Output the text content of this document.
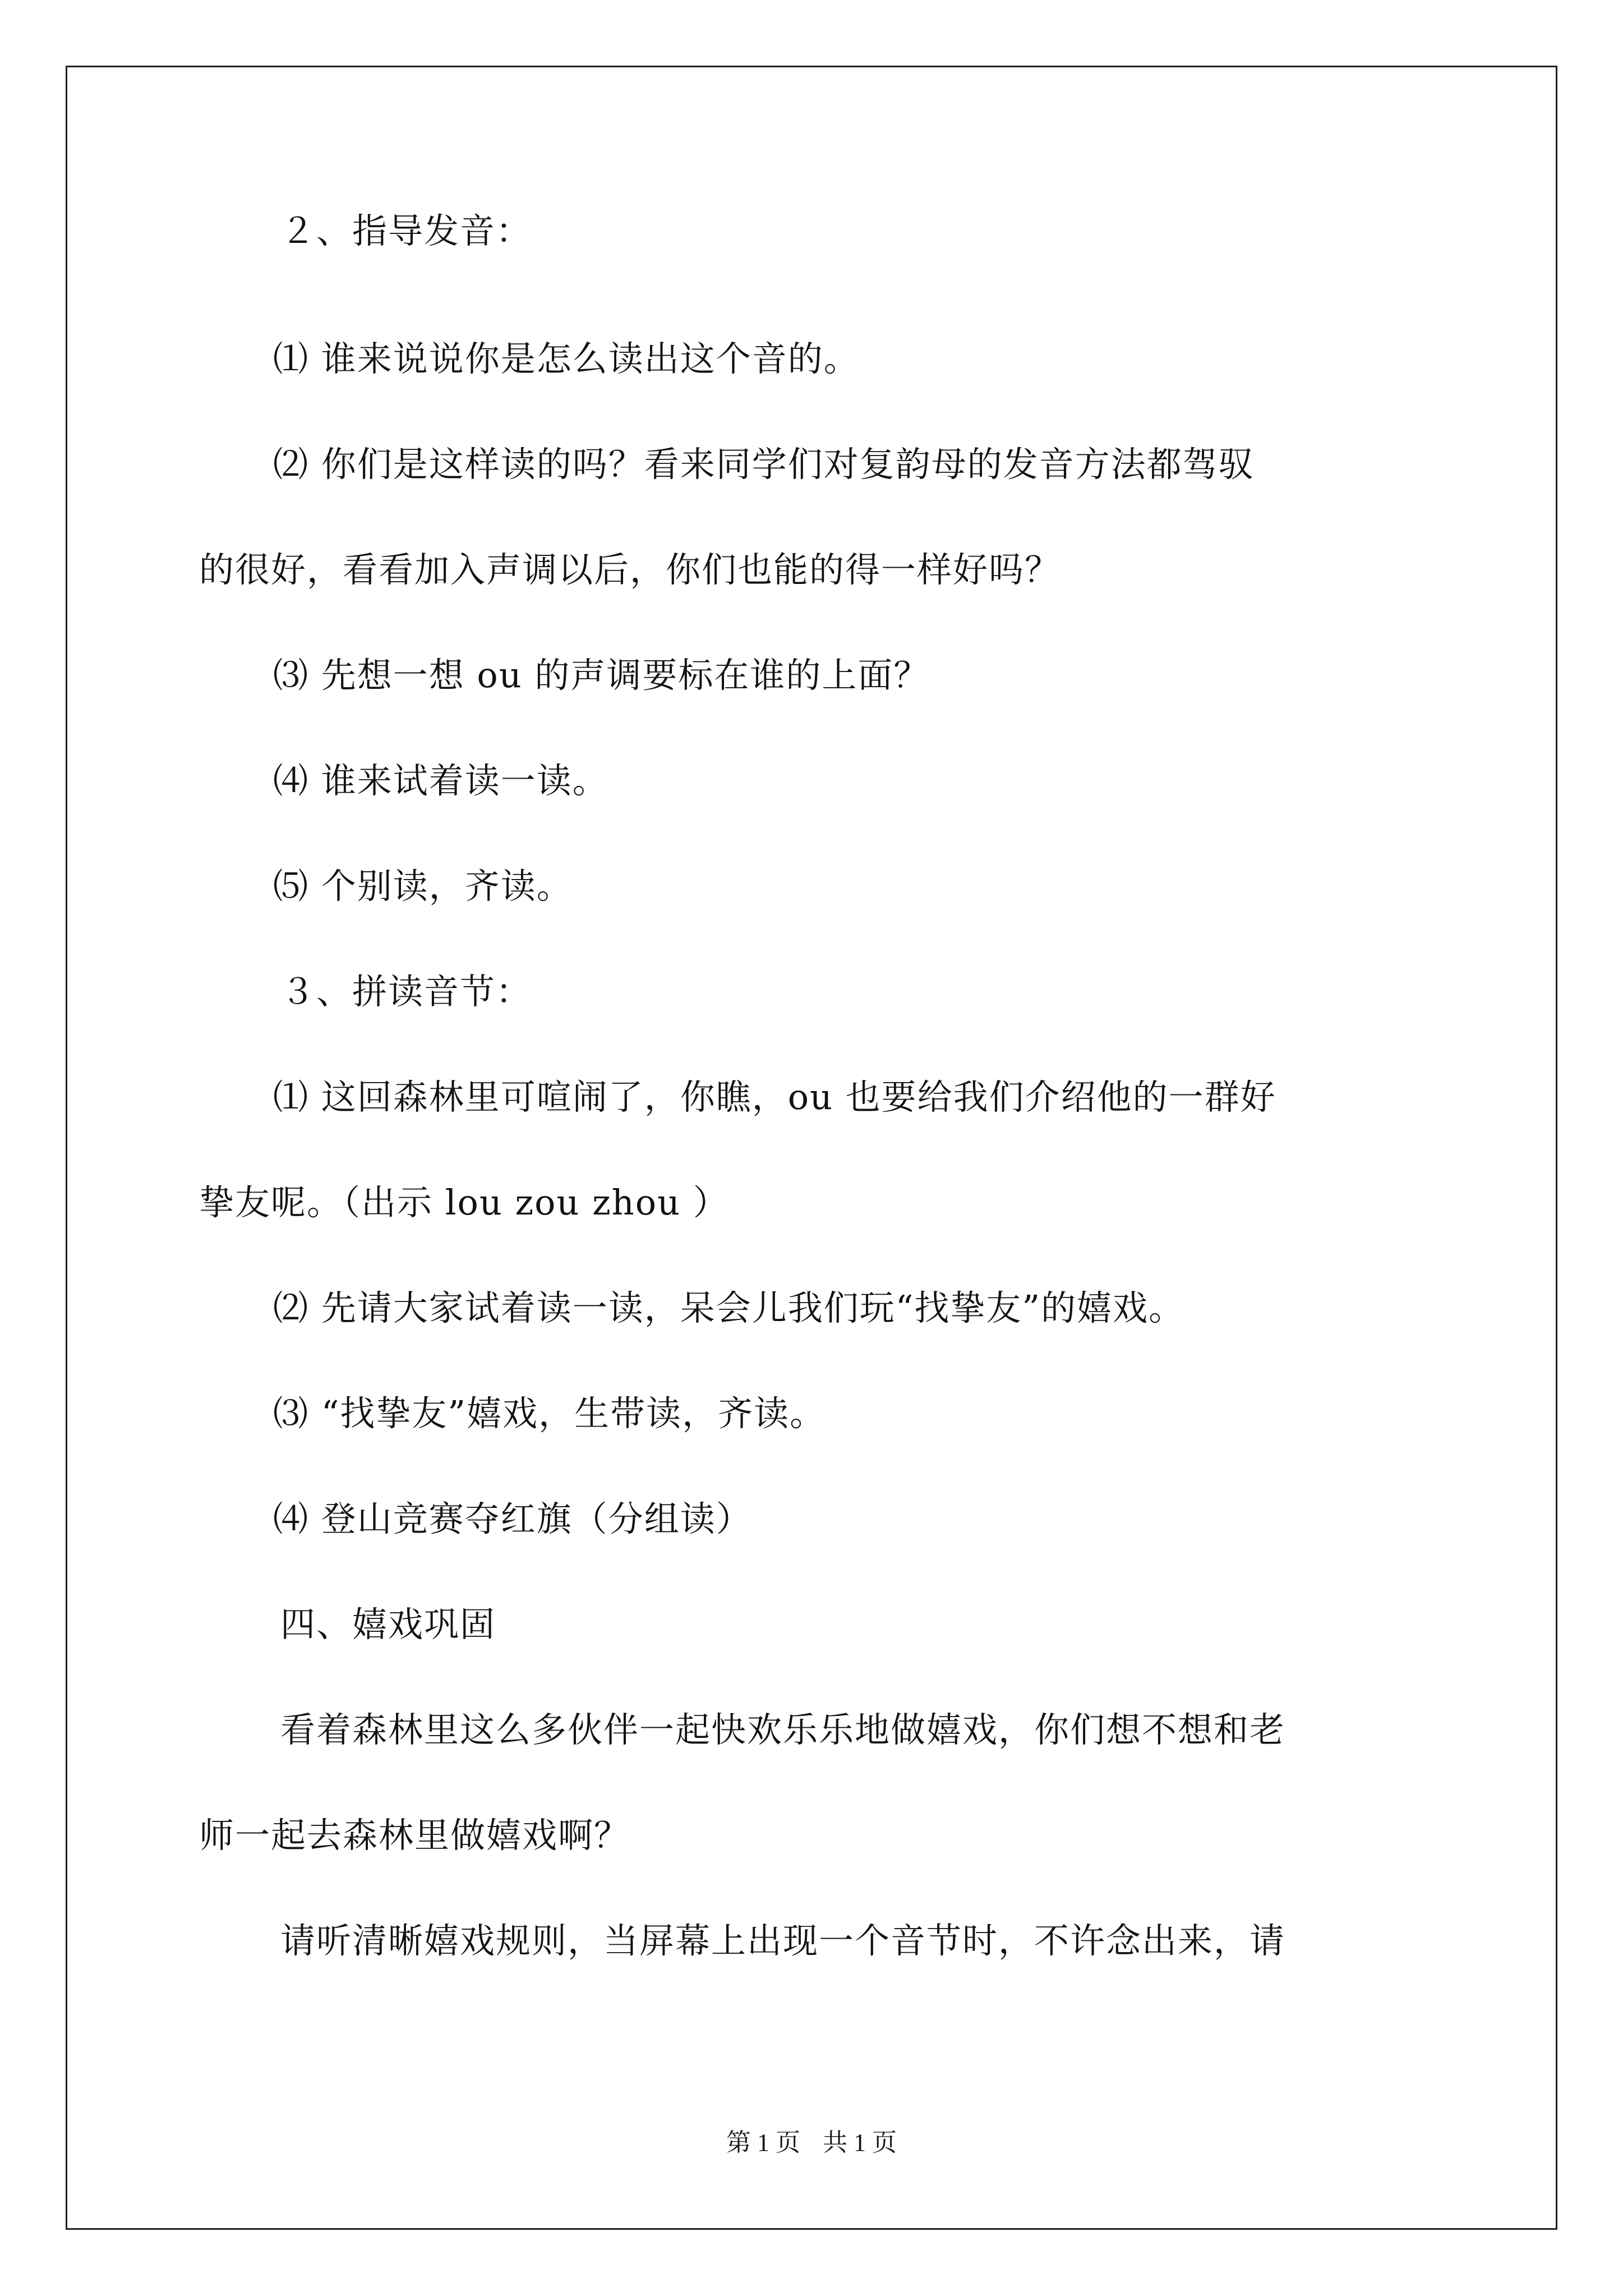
２、指导发音：
⑴ 谁来说说你是怎么读出这个音的。
⑵ 你们是这样读的吗？看来同学们对复韵母的发音方法都驾驭
的很好，看看加入声调以后，你们也能的得一样好吗？
⑶ 先想一想 ou 的声调要标在谁的上面？
⑷ 谁来试着读一读。
⑸ 个别读，齐读。
３、拼读音节：
⑴ 这回森林里可喧闹了，你瞧，ou 也要给我们介绍他的一群好
挚友呢。（出示 lou zou zhou ）
⑵ 先请大家试着读一读，呆会儿我们玩“找挚友”的嬉戏。
⑶ “找挚友”嬉戏，生带读，齐读。
⑷ 登山竞赛夺红旗（分组读）
四、嬉戏巩固
看着森林里这么多伙伴一起快欢乐乐地做嬉戏，你们想不想和老
师一起去森林里做嬉戏啊？
请听清晰嬉戏规则，当屏幕上出现一个音节时，不许念出来，请
第 1 页 共 1 页
